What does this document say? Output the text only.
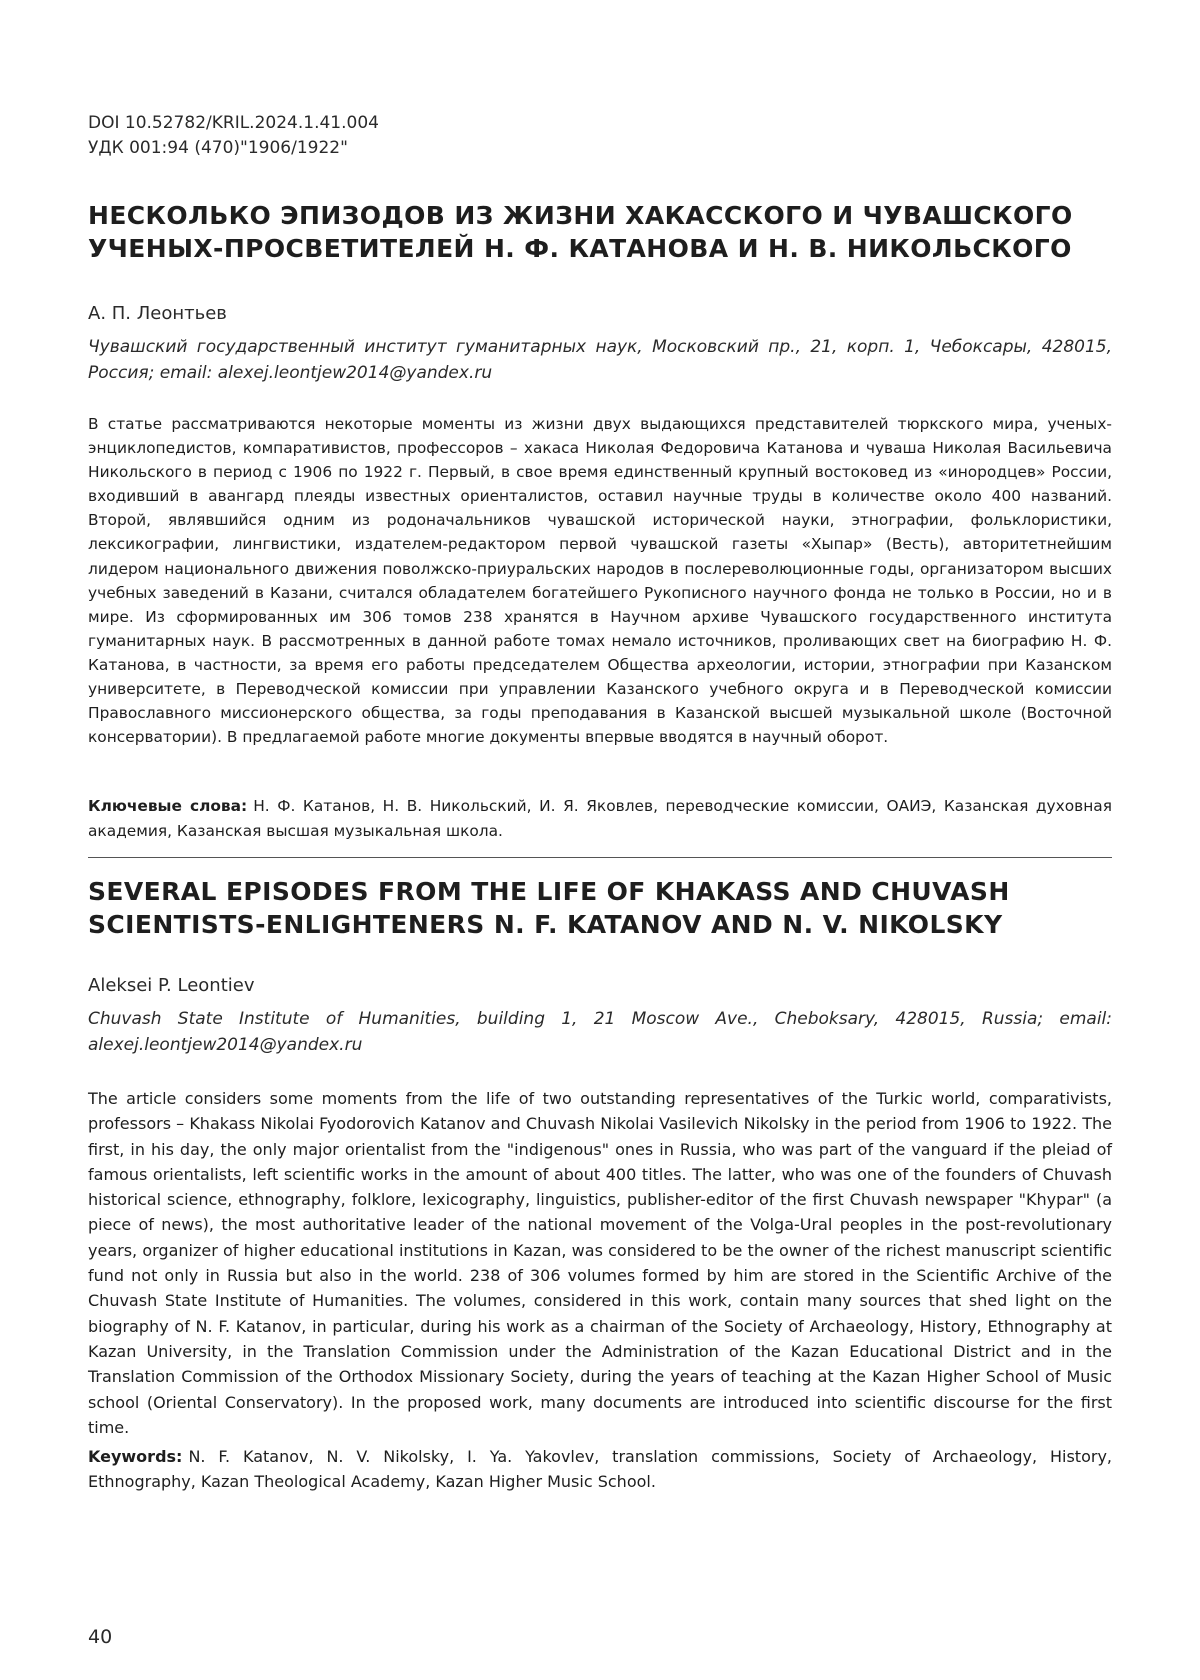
DOI 10.52782/KRIL.2024.1.41.004
УДК 001:94 (470)"1906/1922"
НЕСКОЛЬКО ЭПИЗОДОВ ИЗ ЖИЗНИ ХАКАССКОГО И ЧУВАШСКОГО
УЧЕНЫХ-ПРОСВЕТИТЕЛЕЙ Н. Ф. КАТАНОВА И Н. В. НИКОЛЬСКОГО
А. П. Леонтьев
Чувашский государственный институт гуманитарных наук, Московский пр., 21, корп. 1, Чебоксары, 428015, Россия; email: alexej.leontjew2014@yandex.ru

В статье рассматриваются некоторые моменты из жизни двух выдающихся представителей тюркского мира, ученых-энциклопедистов, компаративистов, профессоров – хакаса Николая Федоровича Катанова и чуваша Николая Васильевича Никольского в период с 1906 по 1922 г. Первый, в свое время единственный крупный востоковед из «инородцев» России, входивший в авангард плеяды известных ориенталистов, оставил научные труды в количестве около 400 названий. Второй, являвшийся одним из родоначальников чувашской исторической науки, этнографии, фольклористики, лексикографии, лингвистики, издателем-редактором первой чувашской газеты «Хыпар» (Весть), авторитетнейшим лидером национального движения поволжско-приуральских народов в послереволюционные годы, организатором высших учебных заведений в Казани, считался обладателем богатейшего Рукописного научного фонда не только в России, но и в мире. Из сформированных им 306 томов 238 хранятся в Научном архиве Чувашского государственного института гуманитарных наук. В рассмотренных в данной работе томах немало источников, проливающих свет на биографию Н. Ф. Катанова, в частности, за время его работы председателем Общества археологии, истории, этнографии при Казанском университете, в Переводческой комиссии при управлении Казанского учебного округа и в Переводческой комиссии Православного миссионерского общества, за годы преподавания в Казанской высшей музыкальной школе (Восточной консерватории). В предлагаемой работе многие документы впервые вводятся в научный оборот.

Ключевые слова: Н. Ф. Катанов, Н. В. Никольский, И. Я. Яковлев, переводческие комиссии, ОАИЭ, Казанская духовная академия, Казанская высшая музыкальная школа.

SEVERAL EPISODES FROM THE LIFE OF KHAKASS AND CHUVASH
SCIENTISTS-ENLIGHTENERS N. F. KATANOV AND N. V. NIKOLSKY
Aleksei P. Leontiev
Chuvash State Institute of Humanities, building 1, 21 Moscow Ave., Cheboksary, 428015, Russia; email: alexej.leontjew2014@yandex.ru

The article considers some moments from the life of two outstanding representatives of the Turkic world, comparativists, professors – Khakass Nikolai Fyodorovich Katanov and Chuvash Nikolai Vasilevich Nikolsky in the period from 1906 to 1922. The first, in his day, the only major orientalist from the "indigenous" ones in Russia, who was part of the vanguard if the pleiad of famous orientalists, left scientific works in the amount of about 400 titles. The latter, who was one of the founders of Chuvash historical science, ethnography, folklore, lexicography, linguistics, publisher-editor of the first Chuvash newspaper "Khypar" (a piece of news), the most authoritative leader of the national movement of the Volga-Ural peoples in the post-revolutionary years, organizer of higher educational institutions in Kazan, was considered to be the owner of the richest manuscript scientific fund not only in Russia but also in the world. 238 of 306 volumes formed by him are stored in the Scientific Archive of the Chuvash State Institute of Humanities. The volumes, considered in this work, contain many sources that shed light on the biography of N. F. Katanov, in particular, during his work as a chairman of the Society of Archaeology, History, Ethnography at Kazan University, in the Translation Commission under the Administration of the Kazan Educational District and in the Translation Commission of the Orthodox Missionary Society, during the years of teaching at the Kazan Higher School of Music school (Oriental Conservatory). In the proposed work, many documents are introduced into scientific discourse for the first time.

Keywords: N. F. Katanov, N. V. Nikolsky, I. Ya. Yakovlev, translation commissions, Society of Archaeology, History, Ethnography, Kazan Theological Academy, Kazan Higher Music School.

40
